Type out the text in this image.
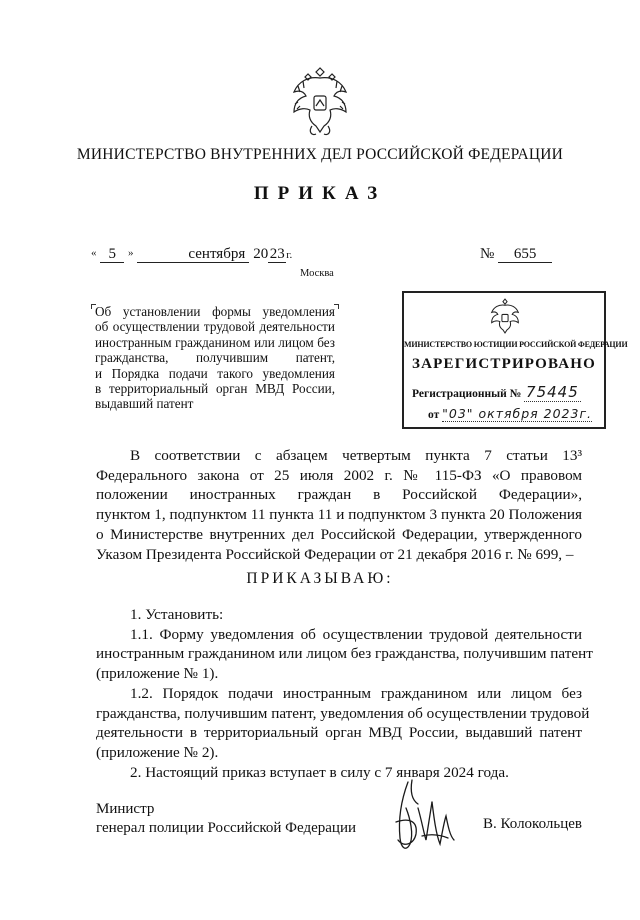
МИНИСТЕРСТВО ВНУТРЕННИХ ДЕЛ РОССИЙСКОЙ ФЕДЕРАЦИИ
ПРИКАЗ
« 5 »	сентября 20 23 г.	№ 655
Москва
Об установлении формы уведомления
об осуществлении трудовой деятельности
иностранным гражданином или лицом без
гражданства, получившим патент,
и Порядка подачи такого уведомления
в территориальный орган МВД России,
выдавший патент
МИНИСТЕРСТВО ЮСТИЦИИ РОССИЙСКОЙ ФЕДЕРАЦИИ
ЗАРЕГИСТРИРОВАНО
Регистрационный № 75445
от "03" октября 2023г.
В соответствии с абзацем четвертым пункта 7 статьи 13³
Федерального закона от 25 июля 2002 г. № 115-ФЗ «О правовом
положении иностранных граждан в Российской Федерации»,
пунктом 1, подпунктом 11 пункта 11 и подпунктом 3 пункта 20 Положения
о Министерстве внутренних дел Российской Федерации, утвержденного
Указом Президента Российской Федерации от 21 декабря 2016 г. № 699, –
ПРИКАЗЫВАЮ:
1. Установить:
1.1. Форму уведомления об осуществлении трудовой деятельности
иностранным гражданином или лицом без гражданства, получившим патент
(приложение № 1).
1.2. Порядок подачи иностранным гражданином или лицом без
гражданства, получившим патент, уведомления об осуществлении трудовой
деятельности в территориальный орган МВД России, выдавший патент
(приложение № 2).
2. Настоящий приказ вступает в силу с 7 января 2024 года.
Министр
генерал полиции Российской Федерации	В. Колокольцев
